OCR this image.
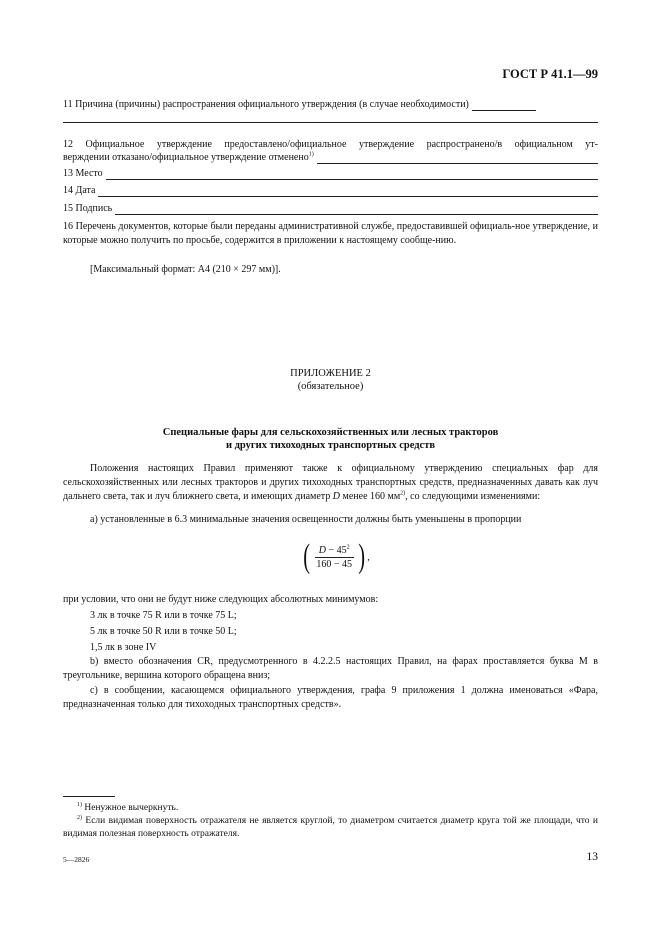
ГОСТ Р 41.1—99
11 Причина (причины) распространения официального утверждения (в случае необходимости)
12 Официальное утверждение предоставлено/официальное утверждение распространено/в официальном ут-
верждении отказано/официальное утверждение отменено$^{1)}$
13 Место
14 Дата
15 Подпись

16 Перечень документов, которые были переданы административной службе, предоставившей официаль-ное утверждение, и которые можно получить по просьбе, содержится в приложении к настоящему сообще-нию.

[Максимальный формат: А4 (210 × 297 мм)].

ПРИЛОЖЕНИЕ 2
(обязательное)
Специальные фары для сельскохозяйственных или лесных тракторов
и других тихоходных транспортных средств

Положения настоящих Правил применяют также к официальному утверждению специальных фар для сельскохозяйственных или лесных тракторов и других тихоходных транспортных средств, предназначенных давать как луч дальнего света, так и луч ближнего света, и имеющих диаметр D менее 160 $мм^{2)}$, со следующими изменениями:

а) установленные в 6.3 минимальные значения освещенности должны быть уменьшены в пропорции

( $\frac{D - 45^2}{160 - 45}$ ) ,
при условии, что они не будут ниже следующих абсолютных минимумов:
3 лк в точке 75 R или в точке 75 L;
5 лк в точке 50 R или в точке 50 L;
1,5 лк в зоне IV

b) вместо обозначения CR, предусмотренного в 4.2.2.5 настоящих Правил, на фарах проставляется буква М в треугольнике, вершина которого обращена вниз;

с) в сообщении, касающемся официального утверждения, графа 9 приложения 1 должна именоваться «Фара, предназначенная только для тихоходных транспортных средств».

$^{1)}$ Ненужное вычеркнуть.
$^{2)}$ Если видимая поверхность отражателя не является круглой, то диаметром считается диаметр круга той же площади, что и видимая полезная поверхность отражателя.
5—2826	13
